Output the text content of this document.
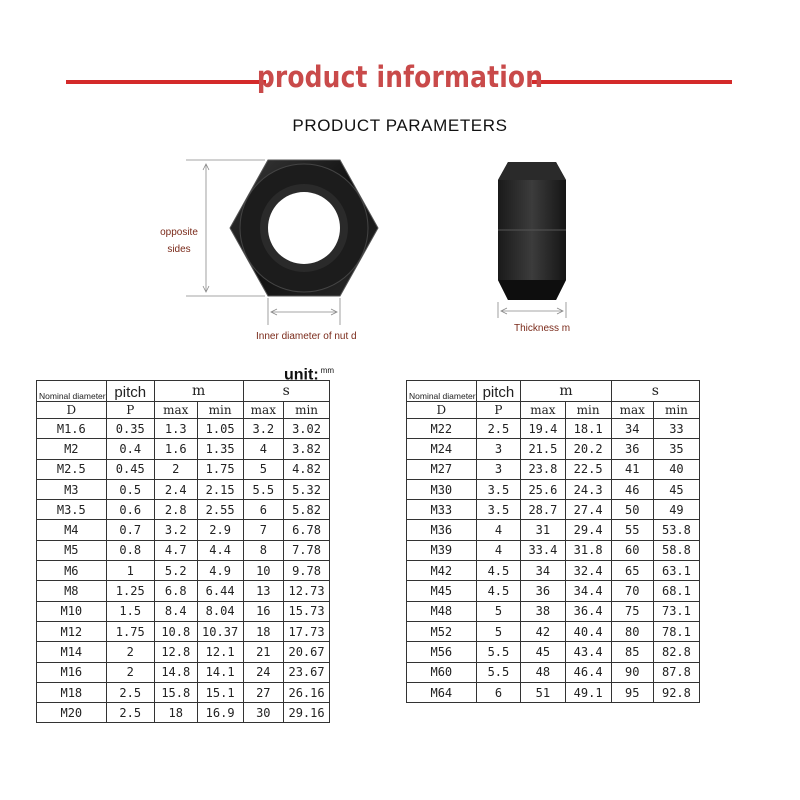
product information
PRODUCT PARAMETERS
opposite
sides
Inner diameter of nut d
Thickness m
unit: $^{mm}$
Nominal diameter	pitch	m		s	
D	P	max	min	max	min
M1.6	0.35	1.3	1.05	3.2	3.02
M2	0.4	1.6	1.35	4	3.82
M2.5	0.45	2	1.75	5	4.82
M3	0.5	2.4	2.15	5.5	5.32
M3.5	0.6	2.8	2.55	6	5.82
M4	0.7	3.2	2.9	7	6.78
M5	0.8	4.7	4.4	8	7.78
M6	1	5.2	4.9	10	9.78
M8	1.25	6.8	6.44	13	12.73
M10	1.5	8.4	8.04	16	15.73
M12	1.75	10.8	10.37	18	17.73
M14	2	12.8	12.1	21	20.67
M16	2	14.8	14.1	24	23.67
M18	2.5	15.8	15.1	27	26.16
M20	2.5	18	16.9	30	29.16
Nominal diameter	pitch	m		s	
D	P	max	min	max	min
M22	2.5	19.4	18.1	34	33
M24	3	21.5	20.2	36	35
M27	3	23.8	22.5	41	40
M30	3.5	25.6	24.3	46	45
M33	3.5	28.7	27.4	50	49
M36	4	31	29.4	55	53.8
M39	4	33.4	31.8	60	58.8
M42	4.5	34	32.4	65	63.1
M45	4.5	36	34.4	70	68.1
M48	5	38	36.4	75	73.1
M52	5	42	40.4	80	78.1
M56	5.5	45	43.4	85	82.8
M60	5.5	48	46.4	90	87.8
M64	6	51	49.1	95	92.8
